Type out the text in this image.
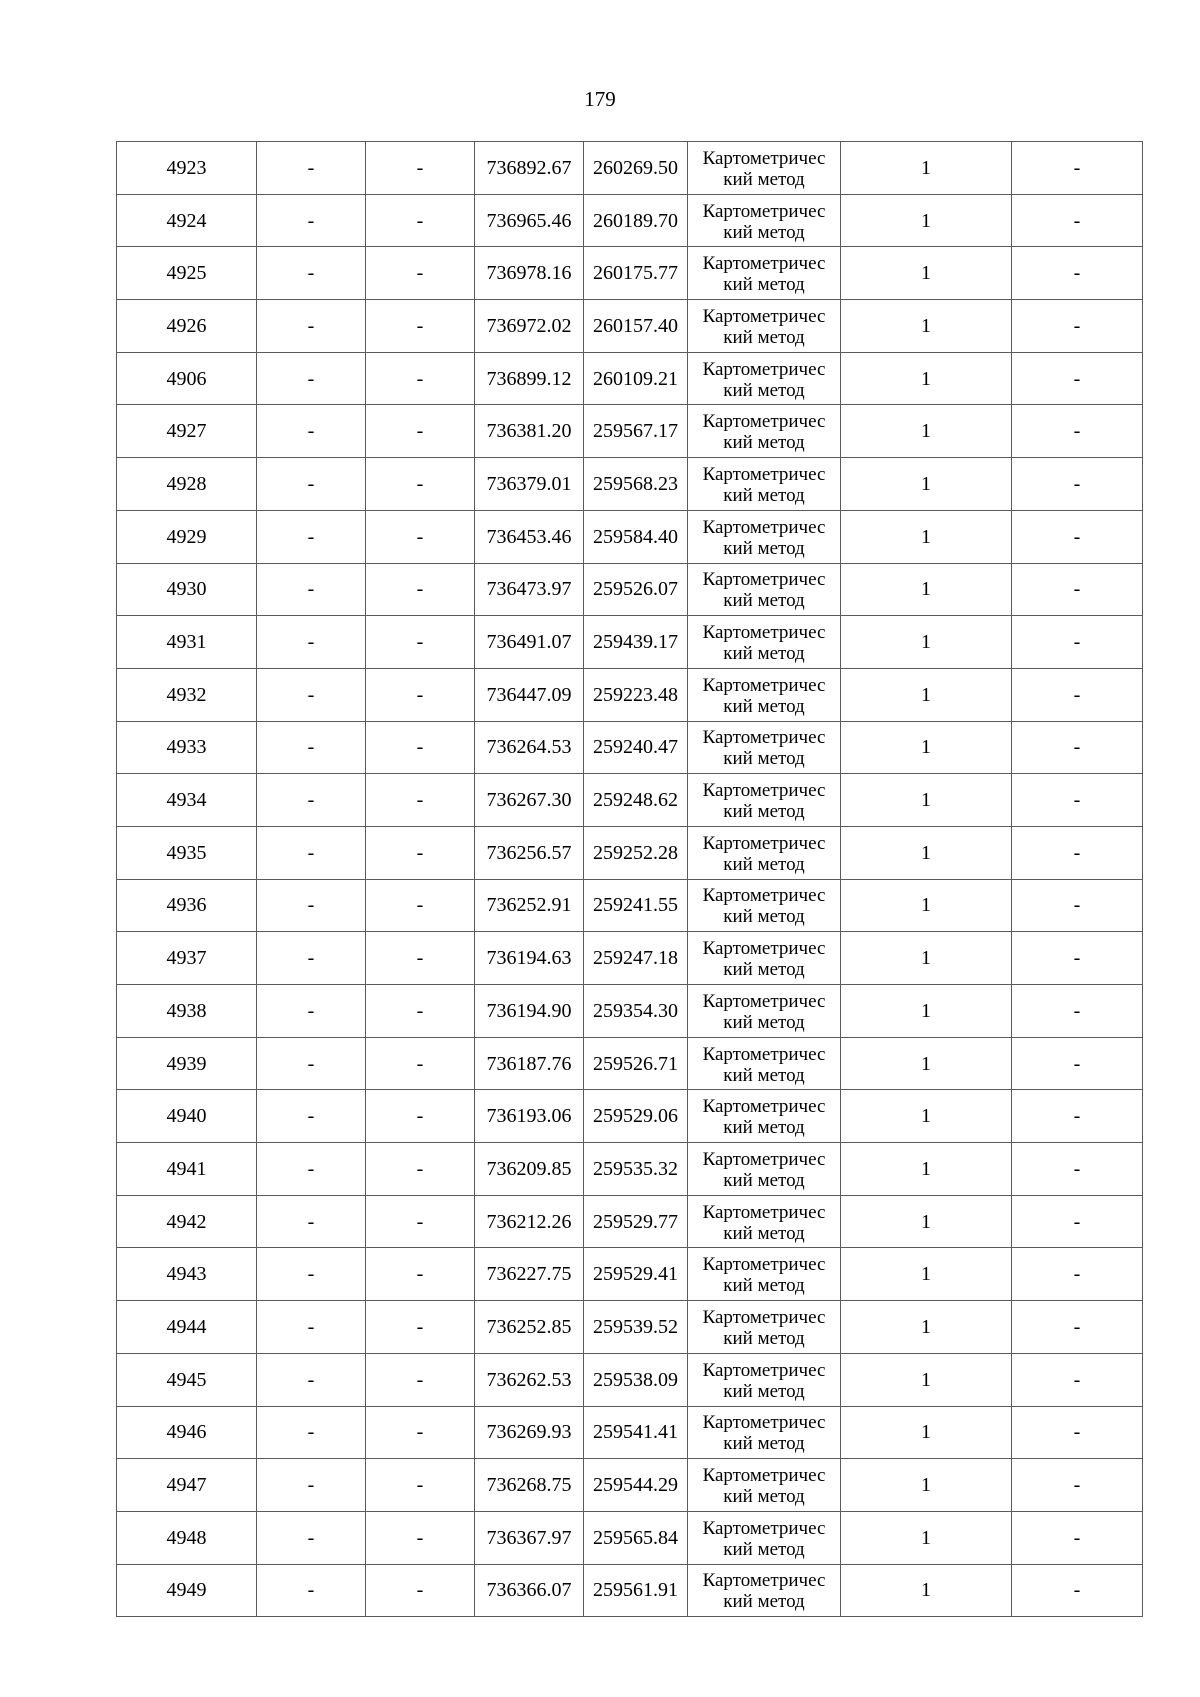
179
4923	-	-	736892.67	260269.50	Картометричес
кий метод	1	-
4924	-	-	736965.46	260189.70	Картометричес
кий метод	1	-
4925	-	-	736978.16	260175.77	Картометричес
кий метод	1	-
4926	-	-	736972.02	260157.40	Картометричес
кий метод	1	-
4906	-	-	736899.12	260109.21	Картометричес
кий метод	1	-
4927	-	-	736381.20	259567.17	Картометричес
кий метод	1	-
4928	-	-	736379.01	259568.23	Картометричес
кий метод	1	-
4929	-	-	736453.46	259584.40	Картометричес
кий метод	1	-
4930	-	-	736473.97	259526.07	Картометричес
кий метод	1	-
4931	-	-	736491.07	259439.17	Картометричес
кий метод	1	-
4932	-	-	736447.09	259223.48	Картометричес
кий метод	1	-
4933	-	-	736264.53	259240.47	Картометричес
кий метод	1	-
4934	-	-	736267.30	259248.62	Картометричес
кий метод	1	-
4935	-	-	736256.57	259252.28	Картометричес
кий метод	1	-
4936	-	-	736252.91	259241.55	Картометричес
кий метод	1	-
4937	-	-	736194.63	259247.18	Картометричес
кий метод	1	-
4938	-	-	736194.90	259354.30	Картометричес
кий метод	1	-
4939	-	-	736187.76	259526.71	Картометричес
кий метод	1	-
4940	-	-	736193.06	259529.06	Картометричес
кий метод	1	-
4941	-	-	736209.85	259535.32	Картометричес
кий метод	1	-
4942	-	-	736212.26	259529.77	Картометричес
кий метод	1	-
4943	-	-	736227.75	259529.41	Картометричес
кий метод	1	-
4944	-	-	736252.85	259539.52	Картометричес
кий метод	1	-
4945	-	-	736262.53	259538.09	Картометричес
кий метод	1	-
4946	-	-	736269.93	259541.41	Картометричес
кий метод	1	-
4947	-	-	736268.75	259544.29	Картометричес
кий метод	1	-
4948	-	-	736367.97	259565.84	Картометричес
кий метод	1	-
4949	-	-	736366.07	259561.91	Картометричес
кий метод	1	-
